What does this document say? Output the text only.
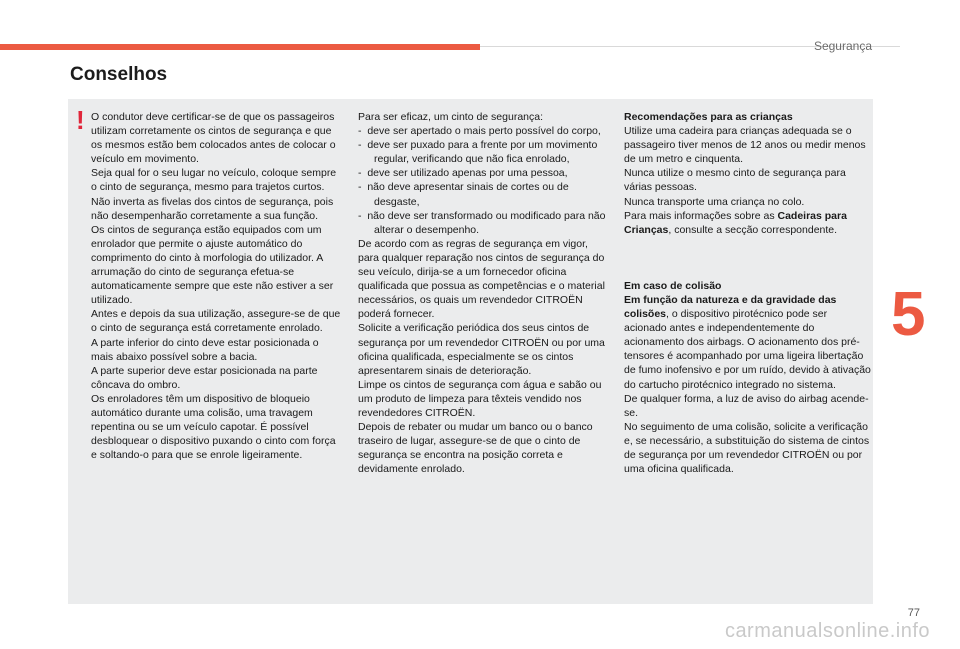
Segurança
Conselhos
! O condutor deve certificar-se de que os passageiros utilizam corretamente os cintos de segurança e que os mesmos estão bem colocados antes de colocar o veículo em movimento.

Seja qual for o seu lugar no veículo, coloque sempre o cinto de segurança, mesmo para trajetos curtos.

Não inverta as fivelas dos cintos de segurança, pois não desempenharão corretamente a sua função.

Os cintos de segurança estão equipados com um enrolador que permite o ajuste automático do comprimento do cinto à morfologia do utilizador. A arrumação do cinto de segurança efetua-se automaticamente sempre que este não estiver a ser utilizado.

Antes e depois da sua utilização, assegure-se de que o cinto de segurança está corretamente enrolado.

A parte inferior do cinto deve estar posicionada o mais abaixo possível sobre a bacia.

A parte superior deve estar posicionada na parte côncava do ombro.

Os enroladores têm um dispositivo de bloqueio automático durante uma colisão, uma travagem repentina ou se um veículo capotar. É possível desbloquear o dispositivo puxando o cinto com força e soltando-o para que se enrole ligeiramente.

Para ser eficaz, um cinto de segurança:

-  deve ser apertado o mais perto possível do corpo,

-  deve ser puxado para a frente por um movimento regular, verificando que não fica enrolado,

-  deve ser utilizado apenas por uma pessoa,

-  não deve apresentar sinais de cortes ou de desgaste,

-  não deve ser transformado ou modificado para não alterar o desempenho.

De acordo com as regras de segurança em vigor, para qualquer reparação nos cintos de segurança do seu veículo, dirija-se a um fornecedor oficina qualificada que possua as competências e o material necessários, os quais um revendedor CITROËN poderá fornecer.

Solicite a verificação periódica dos seus cintos de segurança por um revendedor CITROËN ou por uma oficina qualificada, especialmente se os cintos apresentarem sinais de deterioração.

Limpe os cintos de segurança com água e sabão ou um produto de limpeza para têxteis vendido nos revendedores CITROËN.

Depois de rebater ou mudar um banco ou o banco traseiro de lugar, assegure-se de que o cinto de segurança se encontra na posição correta e devidamente enrolado.

Recomendações para as crianças

Utilize uma cadeira para crianças adequada se o passageiro tiver menos de 12 anos ou medir menos de um metro e cinquenta.

Nunca utilize o mesmo cinto de segurança para várias pessoas.

Nunca transporte uma criança no colo.

Para mais informações sobre as Cadeiras para Crianças, consulte a secção correspondente.

Em caso de colisão

Em função da natureza e da gravidade das colisões, o dispositivo pirotécnico pode ser acionado antes e independentemente do acionamento dos airbags. O acionamento dos pré-tensores é acompanhado por uma ligeira libertação de fumo inofensivo e por um ruído, devido à ativação do cartucho pirotécnico integrado no sistema.

De qualquer forma, a luz de aviso do airbag acende-se.

No seguimento de uma colisão, solicite a verificação e, se necessário, a substituição do sistema de cintos de segurança por um revendedor CITROËN ou por uma oficina qualificada.

5
77
carmanualsonline.info
